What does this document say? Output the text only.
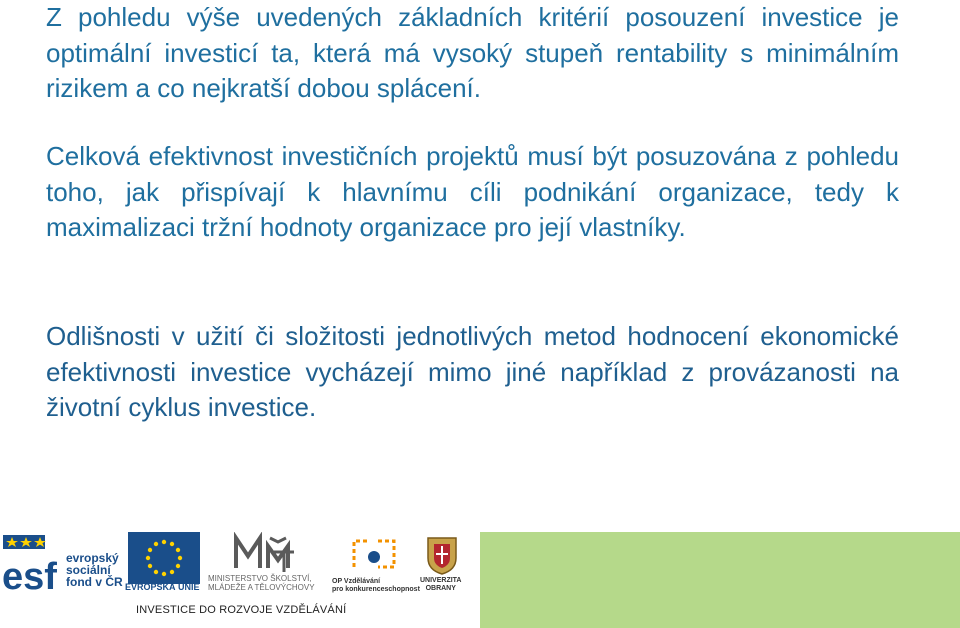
Z pohledu výše uvedených základních kritérií posouzení investice je optimální investicí ta, která má vysoký stupeň rentability s minimálním rizikem a co nejkratší dobou splácení.

Celková efektivnost investičních projektů musí být posuzována z pohledu toho, jak přispívají k hlavnímu cíli podnikání organizace, tedy k maximalizaci tržní hodnoty organizace pro její vlastníky.

Odlišnosti v užití či složitosti jednotlivých metod hodnocení ekonomické efektivnosti investice vycházejí mimo jiné například z provázanosti na životní cyklus investice.

esf evropský
sociální
fond v ČR EVROPSKÁ UNIE
MINISTERSTVO ŠKOLSTVÍ,
MLÁDEŽE A TĚLOVÝCHOVY
OP Vzdělávání
pro konkurenceschopnost
UNIVERZITA
OBRANY
INVESTICE DO ROZVOJE VZDĚLÁVÁNÍ
